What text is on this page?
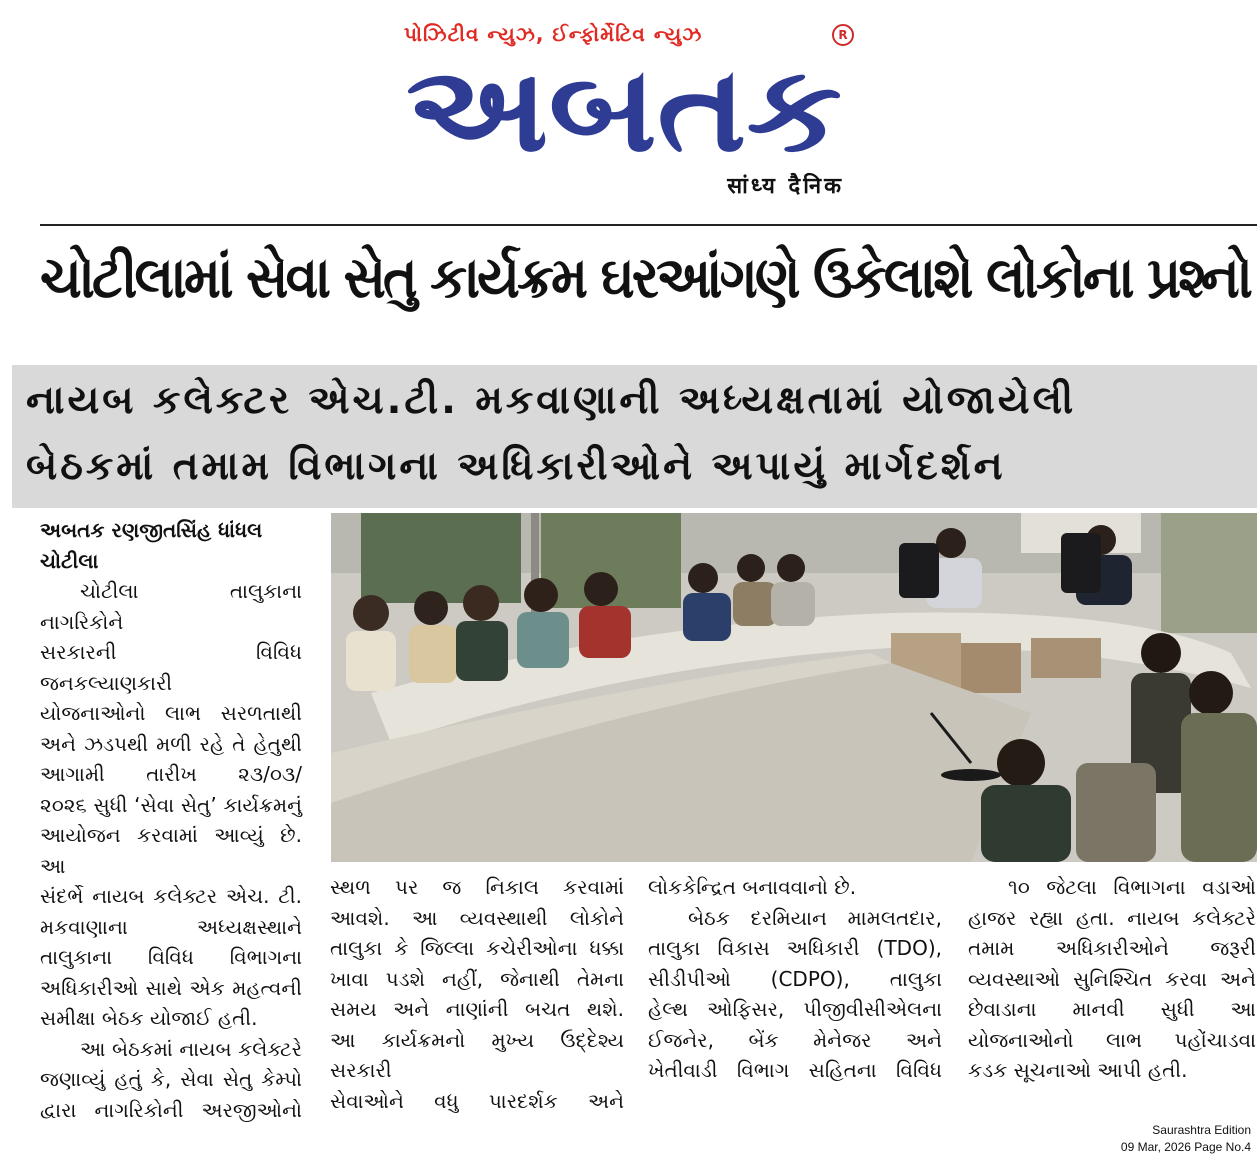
પોઝિટીવ ન્યુઝ, ઈન્ફોર્મેટિવ ન્યુઝ	R
અબતક
सांध्य दैनिक
ચોટીલામાં સેવા સેતુ કાર્યક્રમ ઘરઆંગણે ઉકેલાશે લોકોના પ્રશ્નો
નાયબ કલેક્ટર એચ.ટી. મકવાણાની અધ્યક્ષતામાં યોજાયેલી
બેઠકમાં તમામ વિભાગના અધિકારીઓને અપાયું માર્ગદર્શન

અબતક રણજીતસિંહ ધાંધલ

ચોટીલા

ચોટીલા તાલુકાના નાગરિકોને

સરકારની વિવિધ જનકલ્યાણકારી

યોજનાઓનો લાભ સરળતાથી

અને ઝડપથી મળી રહે તે હેતુથી

આગામી તારીખ ૨૩/૦૩/

૨૦૨૬ સુધી ‘સેવા સેતુ’ કાર્યક્રમનું

આયોજન કરવામાં આવ્યું છે. આ

સંદર્ભે નાયબ કલેક્ટર એચ. ટી.

મકવાણાના અધ્યક્ષસ્થાને

તાલુકાના વિવિધ વિભાગના

અધિકારીઓ સાથે એક મહત્વની

સમીક્ષા બેઠક યોજાઈ હતી.

આ બેઠકમાં નાયબ કલેક્ટરે

જણાવ્યું હતું કે, સેવા સેતુ કેમ્પો

દ્વારા નાગરિકોની અરજીઓનો

સ્થળ પર જ નિકાલ કરવામાં

આવશે. આ વ્યવસ્થાથી લોકોને

તાલુકા કે જિલ્લા કચેરીઓના ધક્કા

ખાવા પડશે નહીં, જેનાથી તેમના

સમય અને નાણાંની બચત થશે.

આ કાર્યક્રમનો મુખ્ય ઉદ્દેશ્ય સરકારી

સેવાઓને વધુ પારદર્શક અને

લોકકેન્દ્રિત બનાવવાનો છે.

બેઠક દરમિયાન મામલતદાર,

તાલુકા વિકાસ અધિકારી (TDO),

સીડીપીઓ (CDPO), તાલુકા

હેલ્થ ઓફિસર, પીજીવીસીએલના

ઈજનેર, બેંક મેનેજર અને

ખેતીવાડી વિભાગ સહિતના વિવિધ

૧૦ જેટલા વિભાગના વડાઓ

હાજર રહ્યા હતા. નાયબ કલેક્ટરે

તમામ અધિકારીઓને જરૂરી

વ્યવસ્થાઓ સુનિશ્ચિત કરવા અને

છેવાડાના માનવી સુધી આ

યોજનાઓનો લાભ પહોંચાડવા

કડક સૂચનાઓ આપી હતી.

Saurashtra Edition
09 Mar, 2026 Page No.4
